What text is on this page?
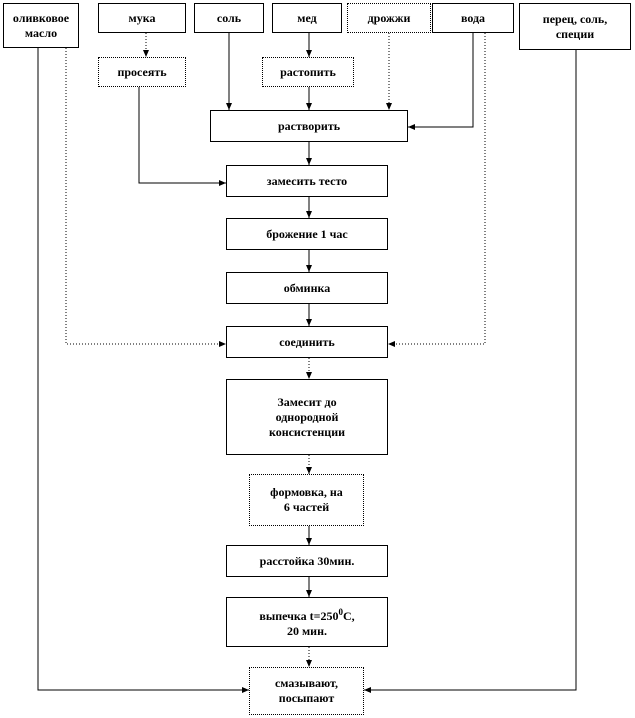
оливковое масло
мука	соль	мед	дрожжи	вода	перец, соль,
специи
просеять	растопить
растворить
замесить тесто
брожение 1 час
обминка
соединить
Замесит до
однородной
консистенции
формовка, на
6 частей
расстойка 30мин.
выпечка $t=250^0С$,
20 мин.
смазывают,
посыпают
